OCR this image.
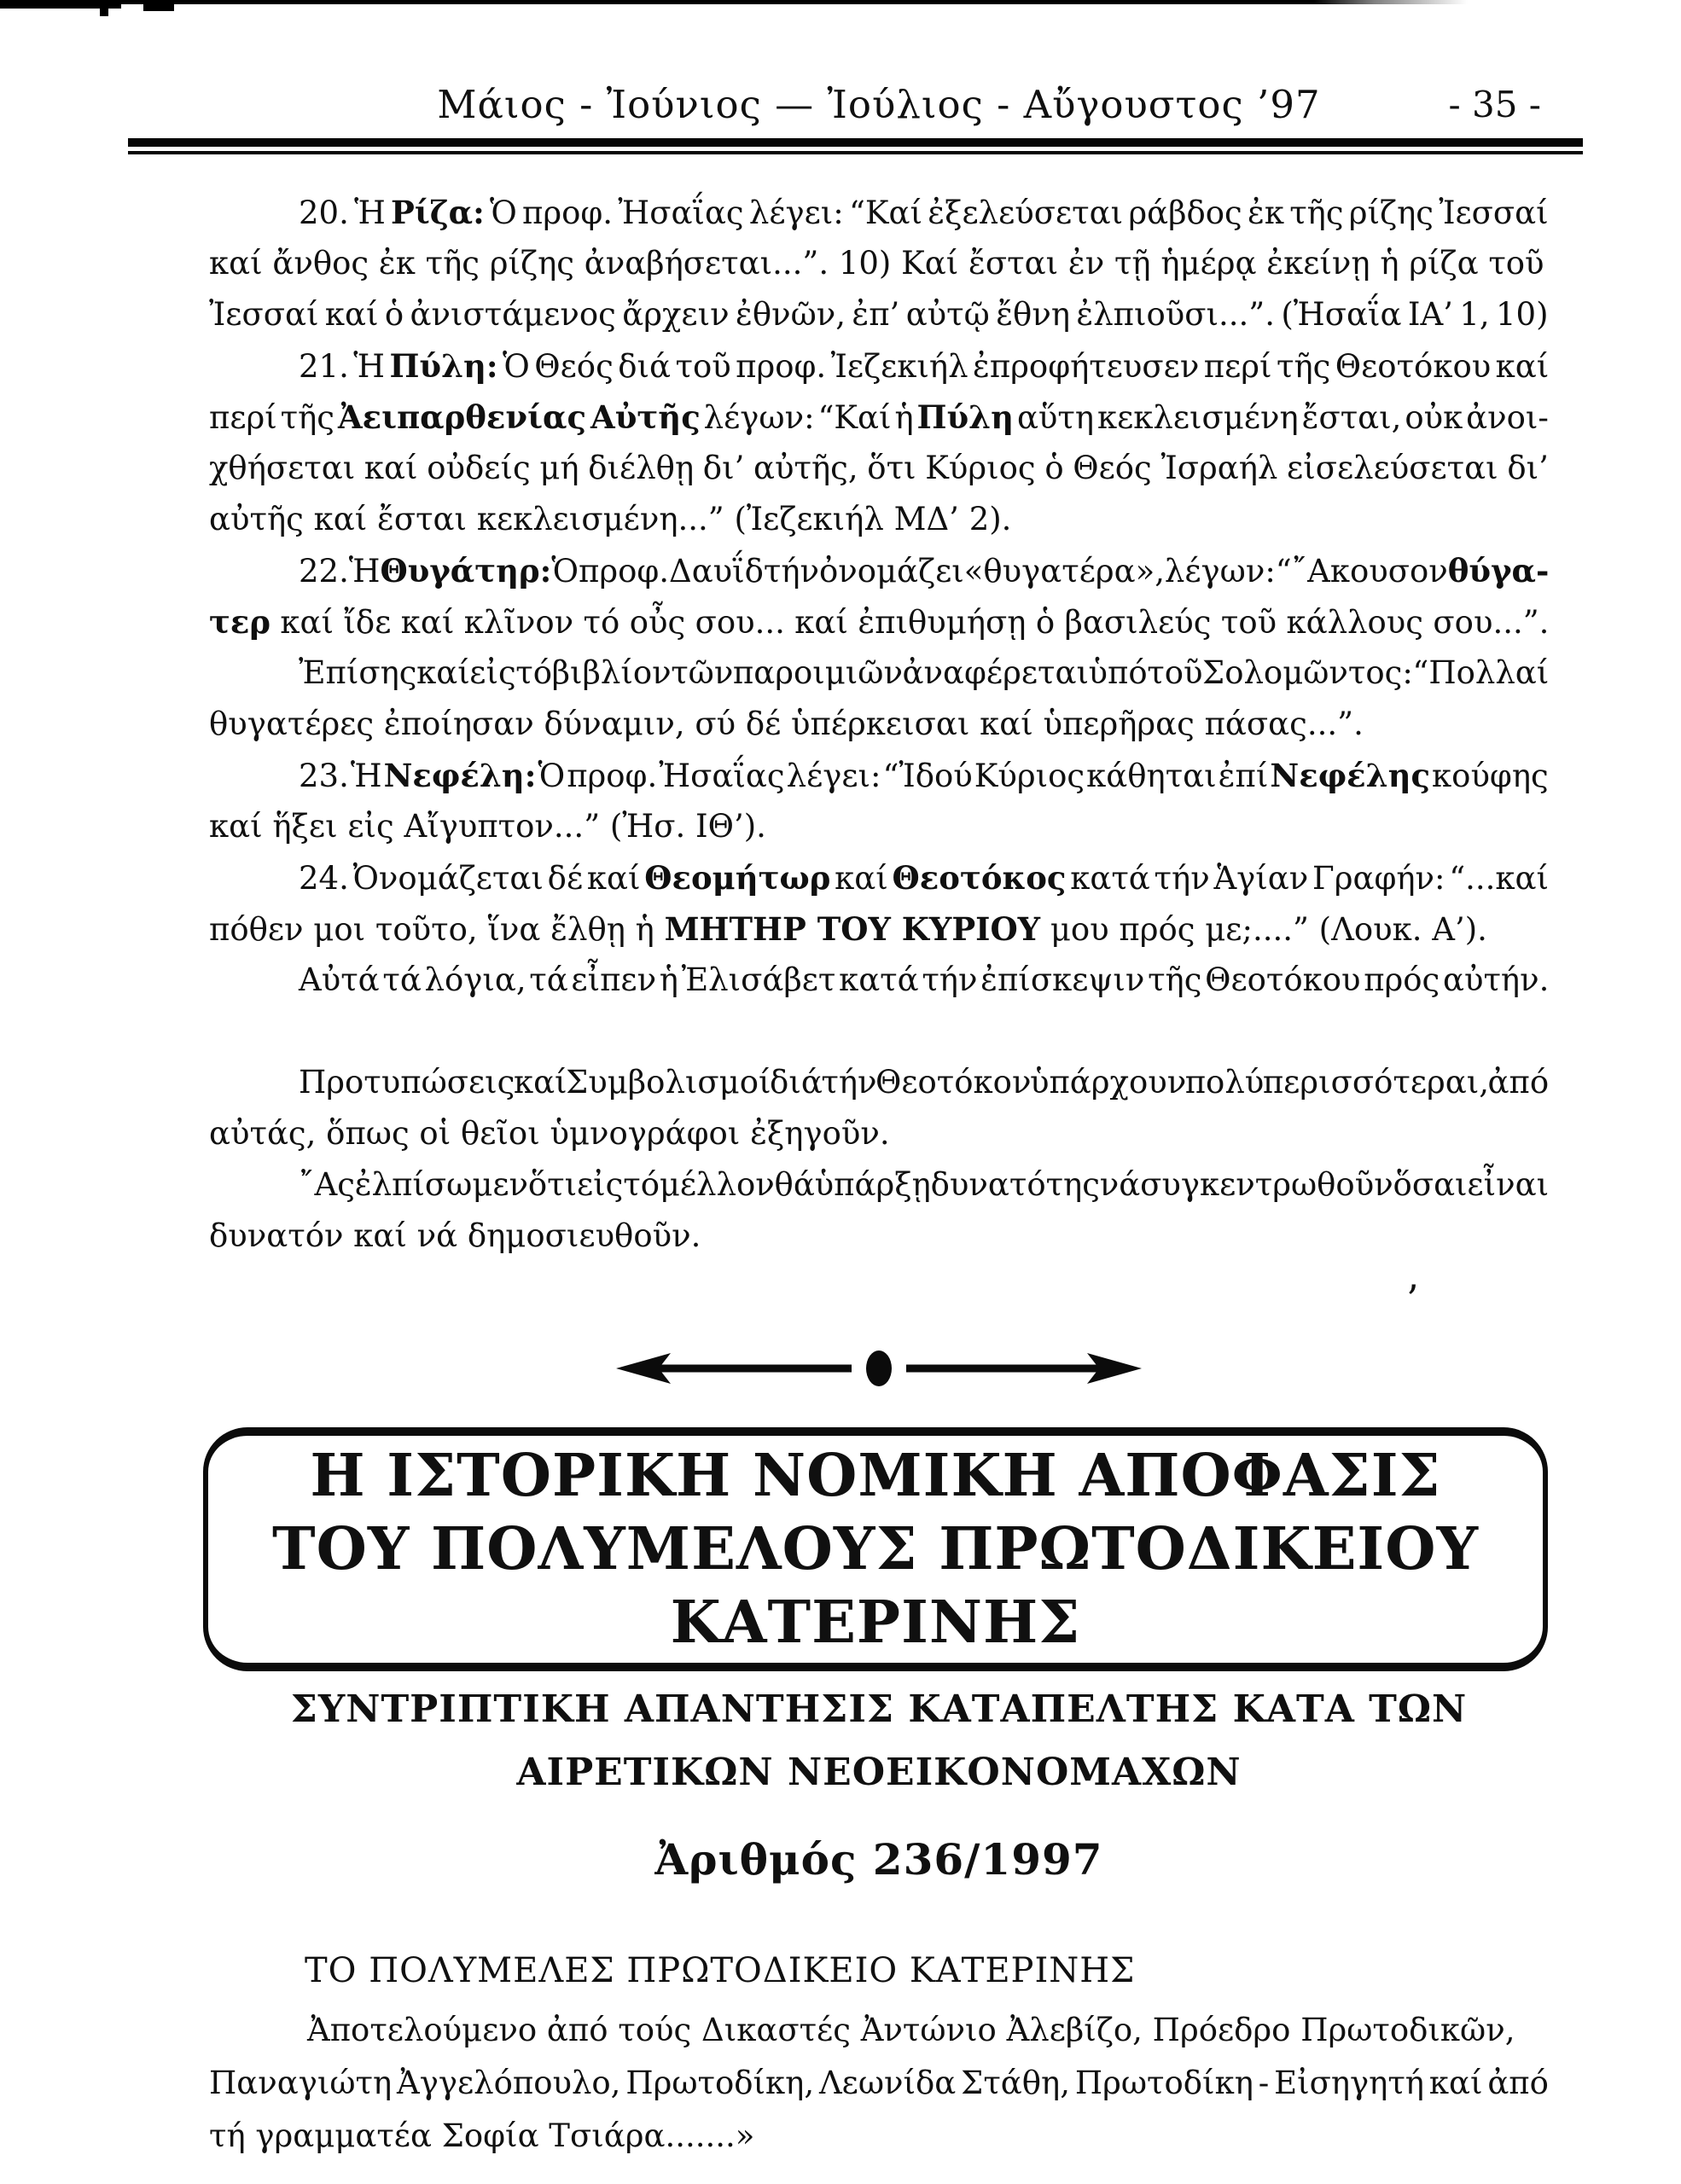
Μάιος - Ἰούνιος — Ἰούλιος - Αὔγουστος ’97	- 35 -
20. Ἡ Ρίζα: Ὁ προφ. Ἠσαΐας λέγει: “Καί ἐξελεύσεται ράβδος ἐκ τῆς ρίζης Ἰεσσαί
καί ἄνθος ἐκ τῆς ρίζης ἀναβήσεται...”. 10) Καί ἔσται ἐν τῇ ἡμέρᾳ ἐκείνῃ ἡ ρίζα τοῦ
Ἰεσσαί καί ὁ ἀνιστάμενος ἄρχειν ἐθνῶν, ἐπ’ αὐτῷ ἔθνη ἐλπιοῦσι...”. (Ἠσαΐα ΙΑ’ 1, 10)
21. Ἡ Πύλη: Ὁ Θεός διά τοῦ προφ. Ἰεζεκιήλ ἐπροφήτευσεν περί τῆς Θεοτόκου καί
περί τῆς Ἀειπαρθενίας Αὐτῆς λέγων: “Καί ἡ Πύλη αὕτη κεκλεισμένη ἔσται, οὐκ ἀνοι-
χθήσεται καί οὐδείς μή διέλθῃ δι’ αὐτῆς, ὅτι Κύριος ὁ Θεός Ἰσραήλ εἰσελεύσεται δι’
αὐτῆς καί ἔσται κεκλεισμένη...” (Ἰεζεκιήλ ΜΔ’ 2).
22. Ἡ Θυγάτηρ: Ὁ προφ. Δαυΐδ τήν ὀνομάζει «θυγατέρα», λέγων: “῎Ακουσον θύγα-
τερ καί ἴδε καί κλῖνον τό οὖς σου... καί ἐπιθυμήσῃ ὁ βασιλεύς τοῦ κάλλους σου...”.
Ἐπίσης καί εἰς τό βιβλίον τῶν παροιμιῶν ἀναφέρεται ὑπό τοῦ Σολομῶντος: “Πολλαί
θυγατέρες ἐποίησαν δύναμιν, σύ δέ ὑπέρκεισαι καί ὑπερῆρας πάσας...”.
23. Ἡ Νεφέλη: Ὁ προφ. Ἠσαΐας λέγει: “Ἰδού Κύριος κάθηται ἐπί Νεφέλης κούφης
καί ἥξει εἰς Αἴγυπτον...” (Ἠσ. ΙΘ’).
24. Ὀνομάζεται δέ καί Θεομήτωρ καί Θεοτόκος κατά τήν Ἁγίαν Γραφήν: “...καί
πόθεν μοι τοῦτο, ἵνα ἔλθῃ ἡ ΜΗΤΗΡ ΤΟΥ ΚΥΡΙΟΥ μου πρός με;....” (Λουκ. Α’).
Αὐτά τά λόγια, τά εἶπεν ἡ Ἐλισάβετ κατά τήν ἐπίσκεψιν τῆς Θεοτόκου πρός αὐτήν.
Προτυπώσεις καί Συμβολισμοί διά τήν Θεοτόκον ὑπάρχουν πολύ περισσότεραι, ἀπό
αὐτάς, ὅπως οἱ θεῖοι ὑμνογράφοι ἐξηγοῦν.
῎Ας ἐλπίσωμεν ὅτι εἰς τό μέλλον θά ὑπάρξῃ δυνατότης νά συγκεντρωθοῦν ὅσαι εἶναι
δυνατόν καί νά δημοσιευθοῦν.
’
Η ΙΣΤΟΡΙΚΗ ΝΟΜΙΚΗ ΑΠΟΦΑΣΙΣ
ΤΟΥ ΠΟΛΥΜΕΛΟΥΣ ΠΡΩΤΟΔΙΚΕΙΟΥ
ΚΑΤΕΡΙΝΗΣ
ΣΥΝΤΡΙΠΤΙΚΗ ΑΠΑΝΤΗΣΙΣ ΚΑΤΑΠΕΛΤΗΣ ΚΑΤΑ ΤΩΝ
ΑΙΡΕΤΙΚΩΝ ΝΕΟΕΙΚΟΝΟΜΑΧΩΝ
Ἀριθμός 236/1997

ΤΟ ΠΟΛΥΜΕΛΕΣ ΠΡΩΤΟΔΙΚΕΙΟ ΚΑΤΕΡΙΝΗΣ

Ἀποτελούμενο ἀπό τούς Δικαστές Ἀντώνιο Ἀλεβίζο, Πρόεδρο Πρωτοδικῶν,
Παναγιώτη Ἀγγελόπουλο, Πρωτοδίκη, Λεωνίδα Στάθη, Πρωτοδίκη - Εἰσηγητή καί ἀπό
τή γραμματέα Σοφία Τσιάρα.......»
